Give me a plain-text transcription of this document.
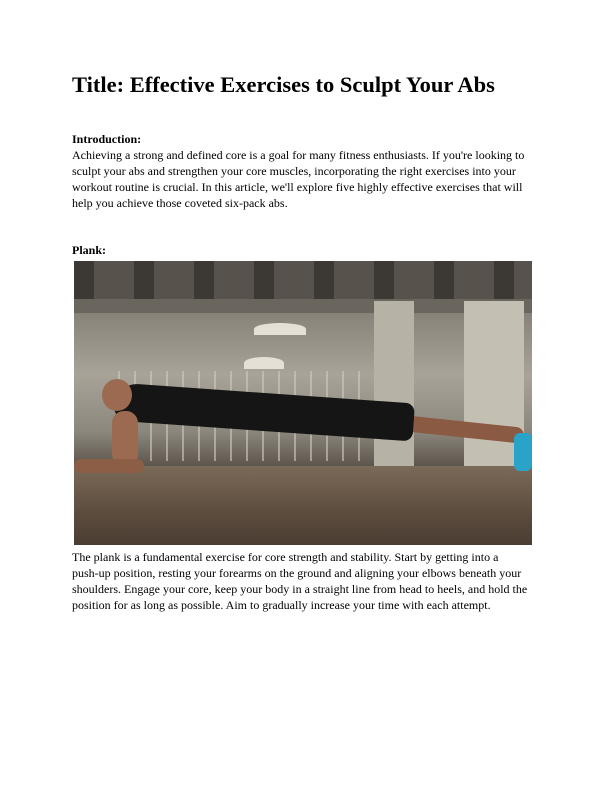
Title: Effective Exercises to Sculpt Your Abs
Introduction:
Achieving a strong and defined core is a goal for many fitness enthusiasts. If you're looking to
sculpt your abs and strengthen your core muscles, incorporating the right exercises into your
workout routine is crucial. In this article, we'll explore five highly effective exercises that will
help you achieve those coveted six-pack abs.
Plank:
The plank is a fundamental exercise for core strength and stability. Start by getting into a
push-up position, resting your forearms on the ground and aligning your elbows beneath your
shoulders. Engage your core, keep your body in a straight line from head to heels, and hold the
position for as long as possible. Aim to gradually increase your time with each attempt.
